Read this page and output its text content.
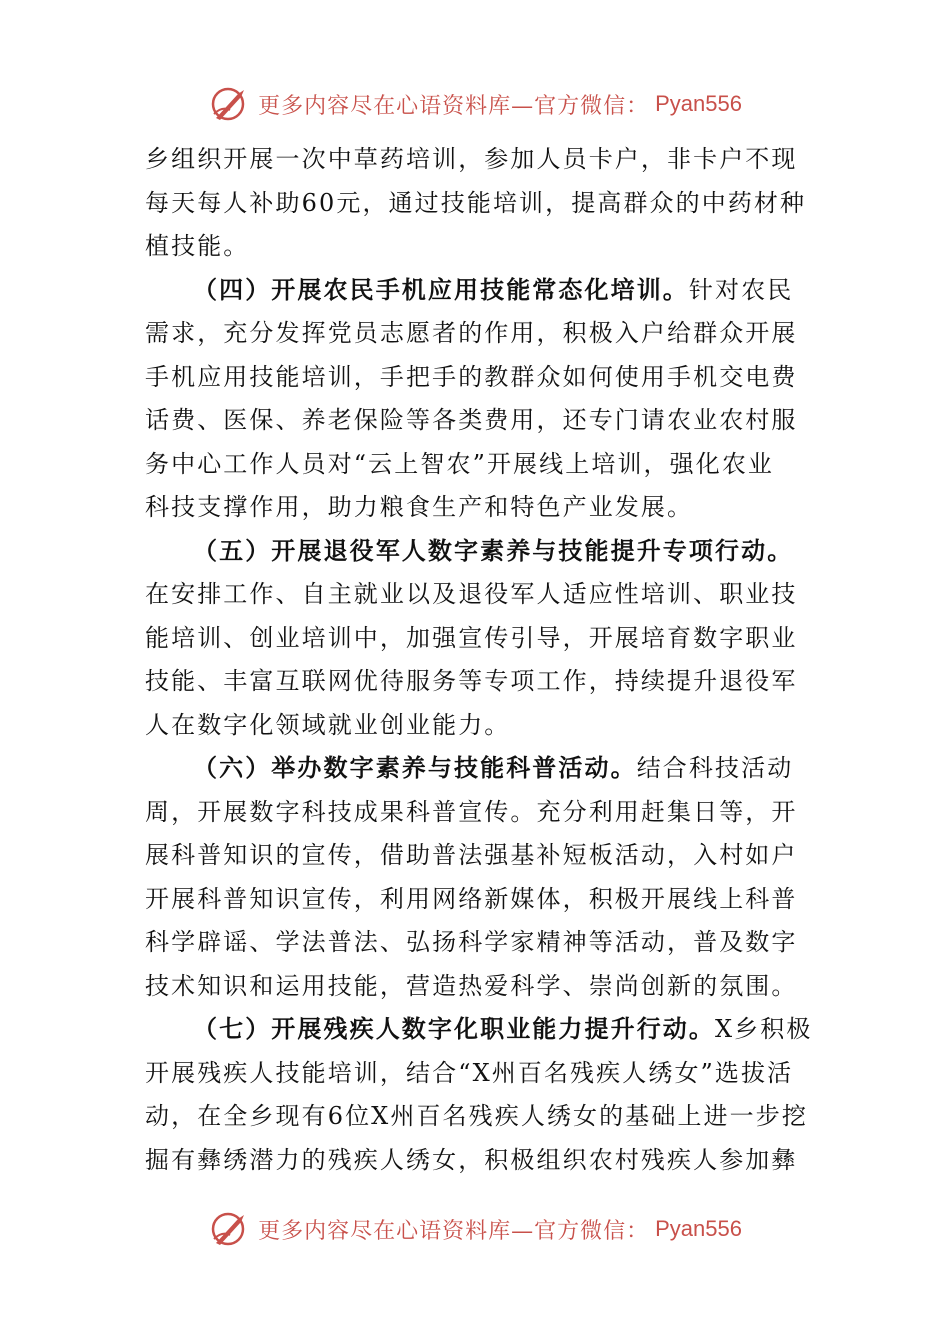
更多内容尽在心语资料库—官方微信： Pyan556
乡组织开展一次中草药培训，参加人员卡户，非卡户不现
每天每人补助60元，通过技能培训，提高群众的中药材种
植技能。
（四）开展农民手机应用技能常态化培训。针对农民
需求，充分发挥党员志愿者的作用，积极入户给群众开展
手机应用技能培训，手把手的教群众如何使用手机交电费
话费、医保、养老保险等各类费用，还专门请农业农村服
务中心工作人员对“云上智农”开展线上培训，强化农业
科技支撑作用，助力粮食生产和特色产业发展。
（五）开展退役军人数字素养与技能提升专项行动。
在安排工作、自主就业以及退役军人适应性培训、职业技
能培训、创业培训中，加强宣传引导，开展培育数字职业
技能、丰富互联网优待服务等专项工作，持续提升退役军
人在数字化领域就业创业能力。
（六）举办数字素养与技能科普活动。结合科技活动
周，开展数字科技成果科普宣传。充分利用赶集日等，开
展科普知识的宣传，借助普法强基补短板活动，入村如户
开展科普知识宣传，利用网络新媒体，积极开展线上科普
科学辟谣、学法普法、弘扬科学家精神等活动，普及数字
技术知识和运用技能，营造热爱科学、崇尚创新的氛围。
（七）开展残疾人数字化职业能力提升行动。X乡积极
开展残疾人技能培训，结合“X州百名残疾人绣女”选拔活
动，在全乡现有6位X州百名残疾人绣女的基础上进一步挖
掘有彝绣潜力的残疾人绣女，积极组织农村残疾人参加彝
更多内容尽在心语资料库—官方微信： Pyan556
